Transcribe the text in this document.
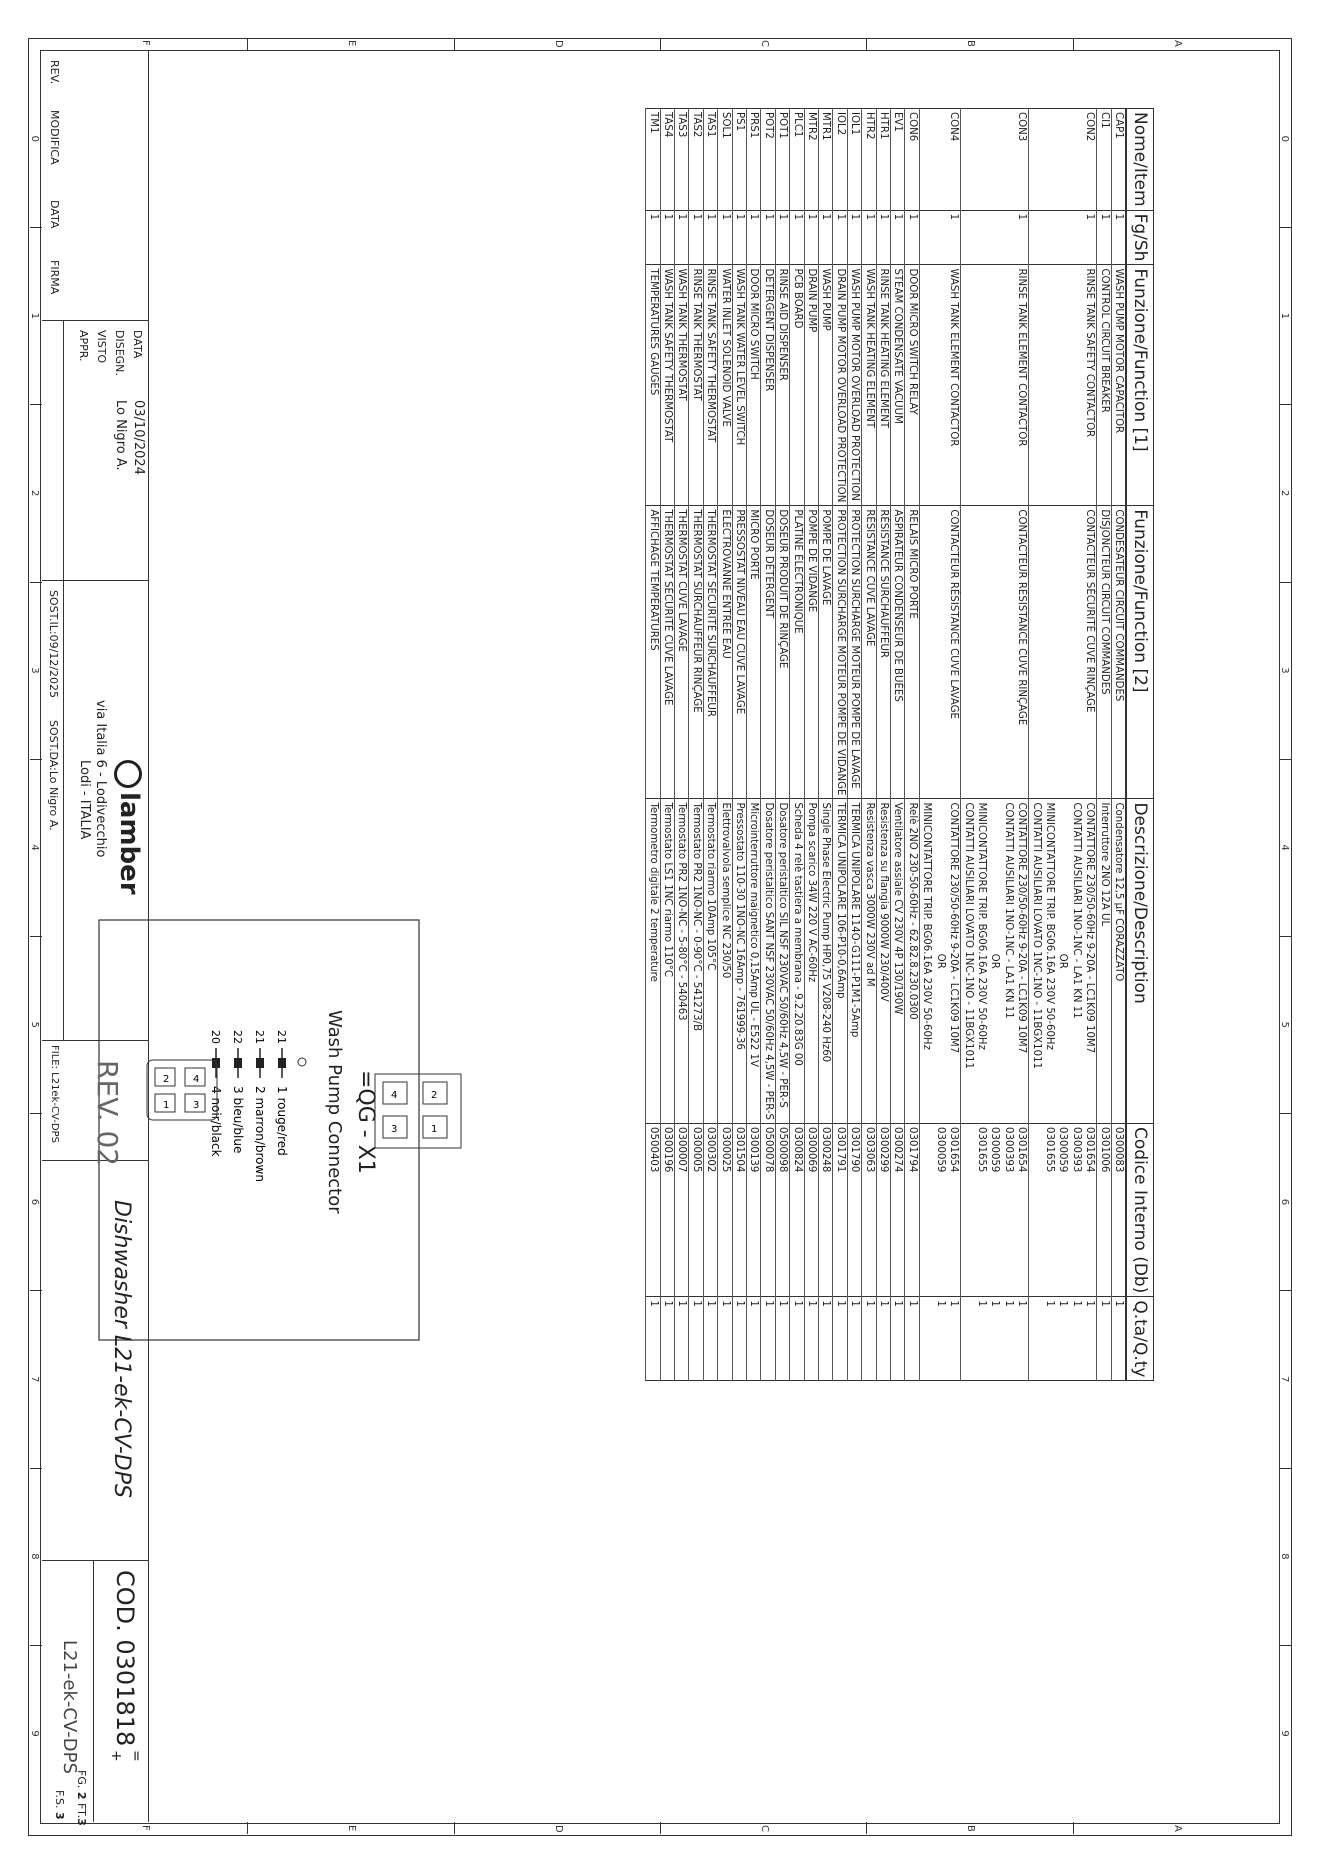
0
0
1
1
2
2
3
3
4
4
5
5
6
6
7
7
8
8
9
9
A
A
B
B
C
C
D
D
E
E
F
F
Nome/Item	Fg/Sh	Funzione/Function [1]	Funzione/Function [2]	Descrizione/Description	Codice Interno (Db)	Q.ta/Q.ty
CAP1	1	WASH PUMP MOTOR CAPACITOR	CONDESATEUR CIRCUIT COMMANDES	Condensatore 12,5 µF CORAZZATO	0300083	1

CI1	1	CONTROL CIRCUIT BREAKER	DISJONCTEUR CIRCUIT COMMANDES	Interruttore 2NO 12A UL	0301006	1

CON2	1	RINSE TANK SAFETY CONTACTOR	CONTACTEUR SÉCURITÉ CUVE RINÇAGE	CONTATTORE 230/50-60Hz 9-20A - LC1K09 10M7
CONTATTI AUSILIARI 1NO-1NC - LA1 KN 11
OR
MINICONTATTORE TRIP. BG06.16A 230V 50-60Hz
CONTATTI AUSILIARI LOVATO 1NC-1NO - 11BGX1011	0301654
0300393
0300059
0301655	1
1
1
1

CON3	1	RINSE TANK ELEMENT CONTACTOR	CONTACTEUR RÉSISTANCE CUVE RINÇAGE	CONTATTORE 230/50-60Hz 9-20A - LC1K09 10M7
CONTATTI AUSILIARI 1NO-1NC - LA1 KN 11
OR
MINICONTATTORE TRIP. BG06.16A 230V 50-60Hz
CONTATTI AUSILIARI LOVATO 1NC-1NO - 11BGX1011	0301654
0300393
0300059
0301655	1
1
1
1

CON4	1	WASH TANK ELEMENT CONTACTOR	CONTACTEUR RÉSISTANCE CUVE LAVAGE	CONTATTORE 230/50-60Hz 9-20A - LC1K09 10M7
OR
MINICONTATTORE TRIP. BG06.16A 230V 50-60Hz	0301654
0300059	1
1

CON6	1	DOOR MICRO SWITCH RELAY	RELAIS MICRO PORTE	Relè 2NO 230-50-60Hz - 62.82.8.230.0300	0301794	1

EV1	1	STEAM CONDENSATE VACUUM	ASPIRATEUR CONDENSEUR DE BUÉES	Ventilatore assiale CV 230V 4P 130/190W	0300274	1

HTR1	1	RINSE TANK HEATING ELEMENT	RÉSISTANCE SURCHAUFFEUR	Resistenza su flangia 9000W 230/400V	0300299	1

HTR2	1	WASH TANK HEATING ELEMENT	RÉSISTANCE CUVE LAVAGE	Resistenza vasca 3000W 230V ad M	0303063	1

IOL1	1	WASH PUMP MOTOR OVERLOAD PROTECTION	PROTECTION SURCHARGE MOTEUR POMPE DE LAVAGE	TERMICA UNIPOLARE 114O-G111-P1M1-5Amp	0301790	1

IOL2	1	DRAIN PUMP MOTOR OVERLOAD PROTECTION	PROTECTION SURCHARGE MOTEUR POMPE DE VIDANGE	TERMICA UNIPOLARE 106-P10-0,6Amp	0301791	1

MTR1	1	WASH PUMP	POMPE DE LAVAGE	Single Phase Electric Pump HP0,75 V208-240 Hz60	0300248	1

MTR2	1	DRAIN PUMP	POMPE DE VIDANGE	Pompa scarico 34W 220 V AC-60Hz	0300069	1

PLC1	1	PCB BOARD	PLATINE ÉLECTRONIQUE	Scheda 4 relè tastiera a membrana - 9.2.20.83G 00	0300824	1

POT1	1	RINSE AID DISPENSER	DOSEUR PRODUIT DE RINÇAGE	Dosatore peristaltico SIL NSF 230VAC 50/60Hz 4,5W - PER-S	0500098	1

POT2	1	DETERGENT DISPENSER	DOSEUR DÉTERGENT	Dosatore peristaltico SANT NSF 230VAC 50/60Hz 4,5W - PER-S	0500078	1

PRS1	1	DOOR MICRO SWITCH	MICRO PORTE	Microinterruttore maignetico 0,15Amp UL - E522 1V	0300139	1

PS1	1	WASH TANK WATER LEVEL SWITCH	PRESSOSTAT NIVEAU EAU CUVE LAVAGE	Pressostato 110-30 1NO-NC 16Amp - 761999-36	0301504	1

SOL1	1	WATER INLET SOLENOID VALVE	ÉLECTROVANNE ENTRÉE EAU	Elettrovalvola semplice NC 230/50	0300025	1

TAS1	1	RINSE TANK SAFETY THERMOSTAT	THERMOSTAT SÉCURITÉ SURCHAUFFEUR	Termostato riarmo 10Amp 105°C	0300302	1

TAS2	1	RINSE TANK THERMOSTAT	THERMOSTAT SURCHAUFFEUR RINÇAGE	Termostato PR2 1NO-NC - 0-90°C - 541273/B	0300005	1

TAS3	1	WASH TANK THERMOSTAT	THERMOSTAT CUVE LAVAGE	Termostato PR2 1NO-NC - 5-80°C - 540463	0300007	1

TAS4	1	WASH TANK SAFETY THERMOSTAT	THERMOSTAT SÉCURITÉ CUVE LAVAGE	Termostato LS1 1NC riarmo 110°C	0300196	1

TM1	1	TEMPERATURES GAUGES	AFFICHAGE TEMPÉRATURES	Termometro digitale 2 temperature	0500403	1
=QG - X1
Wash Pump Connector
21
1 rouge/red
21
2 marron/brown
22
3 bleu/blue
20
4 noir/black
2 4
1 3
4	2
3	1
REV.
MODIFICA
DATA
FIRMA
DATA
03/10/2024
DISEGN.
Lo Nigro A.
VISTO
APPR.
lamber
via Italia 6 - Lodivecchio
Lodi - ITALIA
SOST.IL:09/12/2025
SOST.DA:Lo Nigro A.
FILE: L21ek-CV-DPS REV. 02
Dishwasher L21-ek-CV-DPS
COD. 0301818
=
+
L21-ek-CV-DPS
FG. 2 FT.3
F.S. 3
